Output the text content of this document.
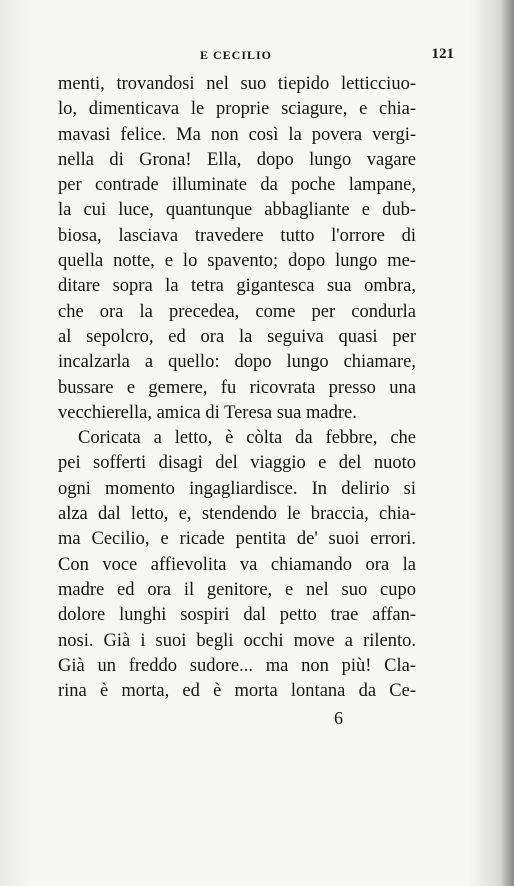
E CECILIO	121
menti, trovandosi nel suo tiepido letticciuo-
lo, dimenticava le proprie sciagure, e chia-
mavasi felice. Ma non così la povera vergi-
nella di Grona! Ella, dopo lungo vagare
per contrade illuminate da poche lampane,
la cui luce, quantunque abbagliante e dub-
biosa, lasciava travedere tutto l'orrore di
quella notte, e lo spavento; dopo lungo me-
ditare sopra la tetra gigantesca sua ombra,
che ora la precedea, come per condurla
al sepolcro, ed ora la seguiva quasi per
incalzarla a quello: dopo lungo chiamare,
bussare e gemere, fu ricovrata presso una
vecchierella, amica di Teresa sua madre.
Coricata a letto, è còlta da febbre, che
pei sofferti disagi del viaggio e del nuoto
ogni momento ingagliardisce. In delirio si
alza dal letto, e, stendendo le braccia, chia-
ma Cecilio, e ricade pentita de' suoi errori.
Con voce affievolita va chiamando ora la
madre ed ora il genitore, e nel suo cupo
dolore lunghi sospiri dal petto trae affan-
nosi. Già i suoi begli occhi move a rilento.
Già un freddo sudore... ma non più! Cla-
rina è morta, ed è morta lontana da Ce-
6
